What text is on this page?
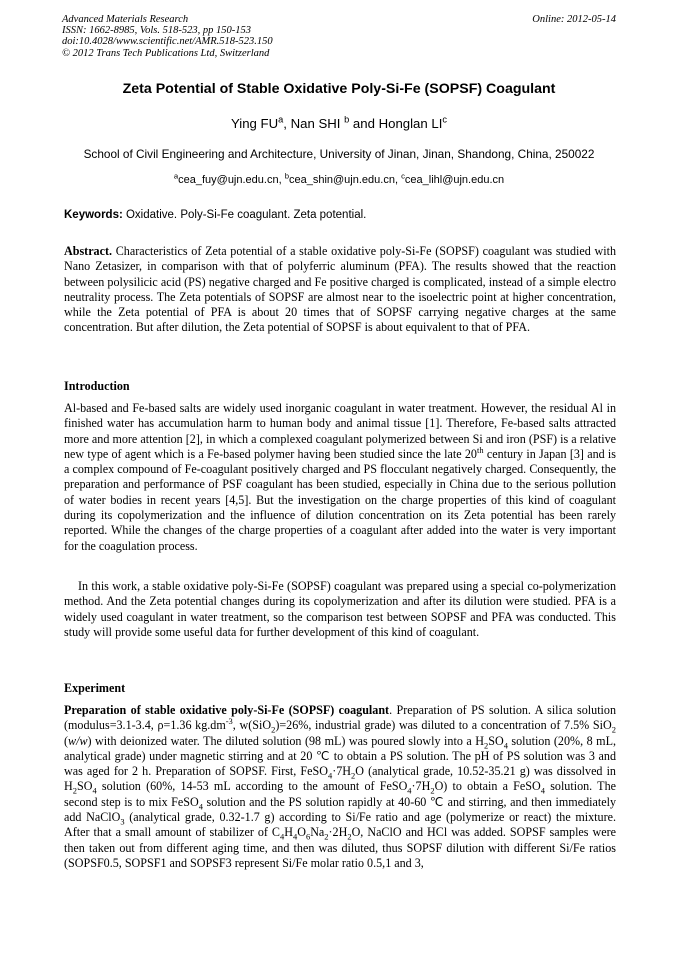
Advanced Materials Research
ISSN: 1662-8985, Vols. 518-523, pp 150-153
doi:10.4028/www.scientific.net/AMR.518-523.150
© 2012 Trans Tech Publications Ltd, Switzerland
Online: 2012-05-14
Zeta Potential of Stable Oxidative Poly-Si-Fe (SOPSF) Coagulant
Ying $FU^a$, Nan SHI $^b$ and Honglan $LI^c$
School of Civil Engineering and Architecture, University of Jinan, Jinan, Shandong, China, 250022
$^a$cea_fuy@ujn.edu.cn, $^b$cea_shin@ujn.edu.cn, $^c$cea_lihl@ujn.edu.cn
Keywords: Oxidative. Poly-Si-Fe coagulant. Zeta potential.
Abstract. Characteristics of Zeta potential of a stable oxidative poly-Si-Fe (SOPSF) coagulant was studied with Nano Zetasizer, in comparison with that of polyferric aluminum (PFA). The results showed that the reaction between polysilicic acid (PS) negative charged and Fe positive charged is complicated, instead of a simple electro neutrality process. The Zeta potentials of SOPSF are almost near to the isoelectric point at higher concentration, while the Zeta potential of PFA is about 20 times that of SOPSF carrying negative charges at the same concentration. But after dilution, the Zeta potential of SOPSF is about equivalent to that of PFA.
Introduction
Al-based and Fe-based salts are widely used inorganic coagulant in water treatment. However, the residual Al in finished water has accumulation harm to human body and animal tissue [1]. Therefore, Fe-based salts attracted more and more attention [2], in which a complexed coagulant polymerized between Si and iron (PSF) is a relative new type of agent which is a Fe-based polymer having been studied since the late 20th century in Japan [3] and is a complex compound of Fe-coagulant positively charged and PS flocculant negatively charged. Consequently, the preparation and performance of PSF coagulant has been studied, especially in China due to the serious pollution of water bodies in recent years [4,5]. But the investigation on the charge properties of this kind of coagulant during its copolymerization and the influence of dilution concentration on its Zeta potential has been rarely reported. While the changes of the charge properties of a coagulant after added into the water is very important for the coagulation process.
In this work, a stable oxidative poly-Si-Fe (SOPSF) coagulant was prepared using a special co-polymerization method. And the Zeta potential changes during its copolymerization and after its dilution were studied. PFA is a widely used coagulant in water treatment, so the comparison test between SOPSF and PFA was conducted. This study will provide some useful data for further development of this kind of coagulant.
Experiment
Preparation of stable oxidative poly-Si-Fe (SOPSF) coagulant. Preparation of PS solution. A silica solution (modulus=3.1-3.4, ρ=1.36 $kg.dm^{-3}$, w(SiO$_2$)=26%, industrial grade) was diluted to a concentration of 7.5% SiO$_2$ (w/w) with deionized water. The diluted solution (98 mL) was poured slowly into a $H_2SO_4$ solution (20%, 8 mL, analytical grade) under magnetic stirring and at 20 ℃ to obtain a PS solution. The pH of PS solution was 3 and was aged for 2 h. Preparation of SOPSF. First, $FeSO_4\cdot 7H_2O$ (analytical grade, 10.52-35.21 g) was dissolved in $H_2SO_4$ solution (60%, 14-53 mL according to the amount of $FeSO_4\cdot 7H_2O$) to obtain a FeSO$_4$ solution. The second step is to mix FeSO$_4$ solution and the PS solution rapidly at 40-60 ℃ and stirring, and then immediately add NaClO$_3$ (analytical grade, 0.32-1.7 g) according to Si/Fe ratio and age (polymerize or react) the mixture. After that a small amount of stabilizer of $C_4H_4O_6Na_2\cdot 2H_2O$, NaClO and HCl was added. SOPSF samples were then taken out from different aging time, and then was diluted, thus SOPSF dilution with different Si/Fe ratios (SOPSF0.5, SOPSF1 and SOPSF3 represent Si/Fe molar ratio 0.5,1 and 3,
